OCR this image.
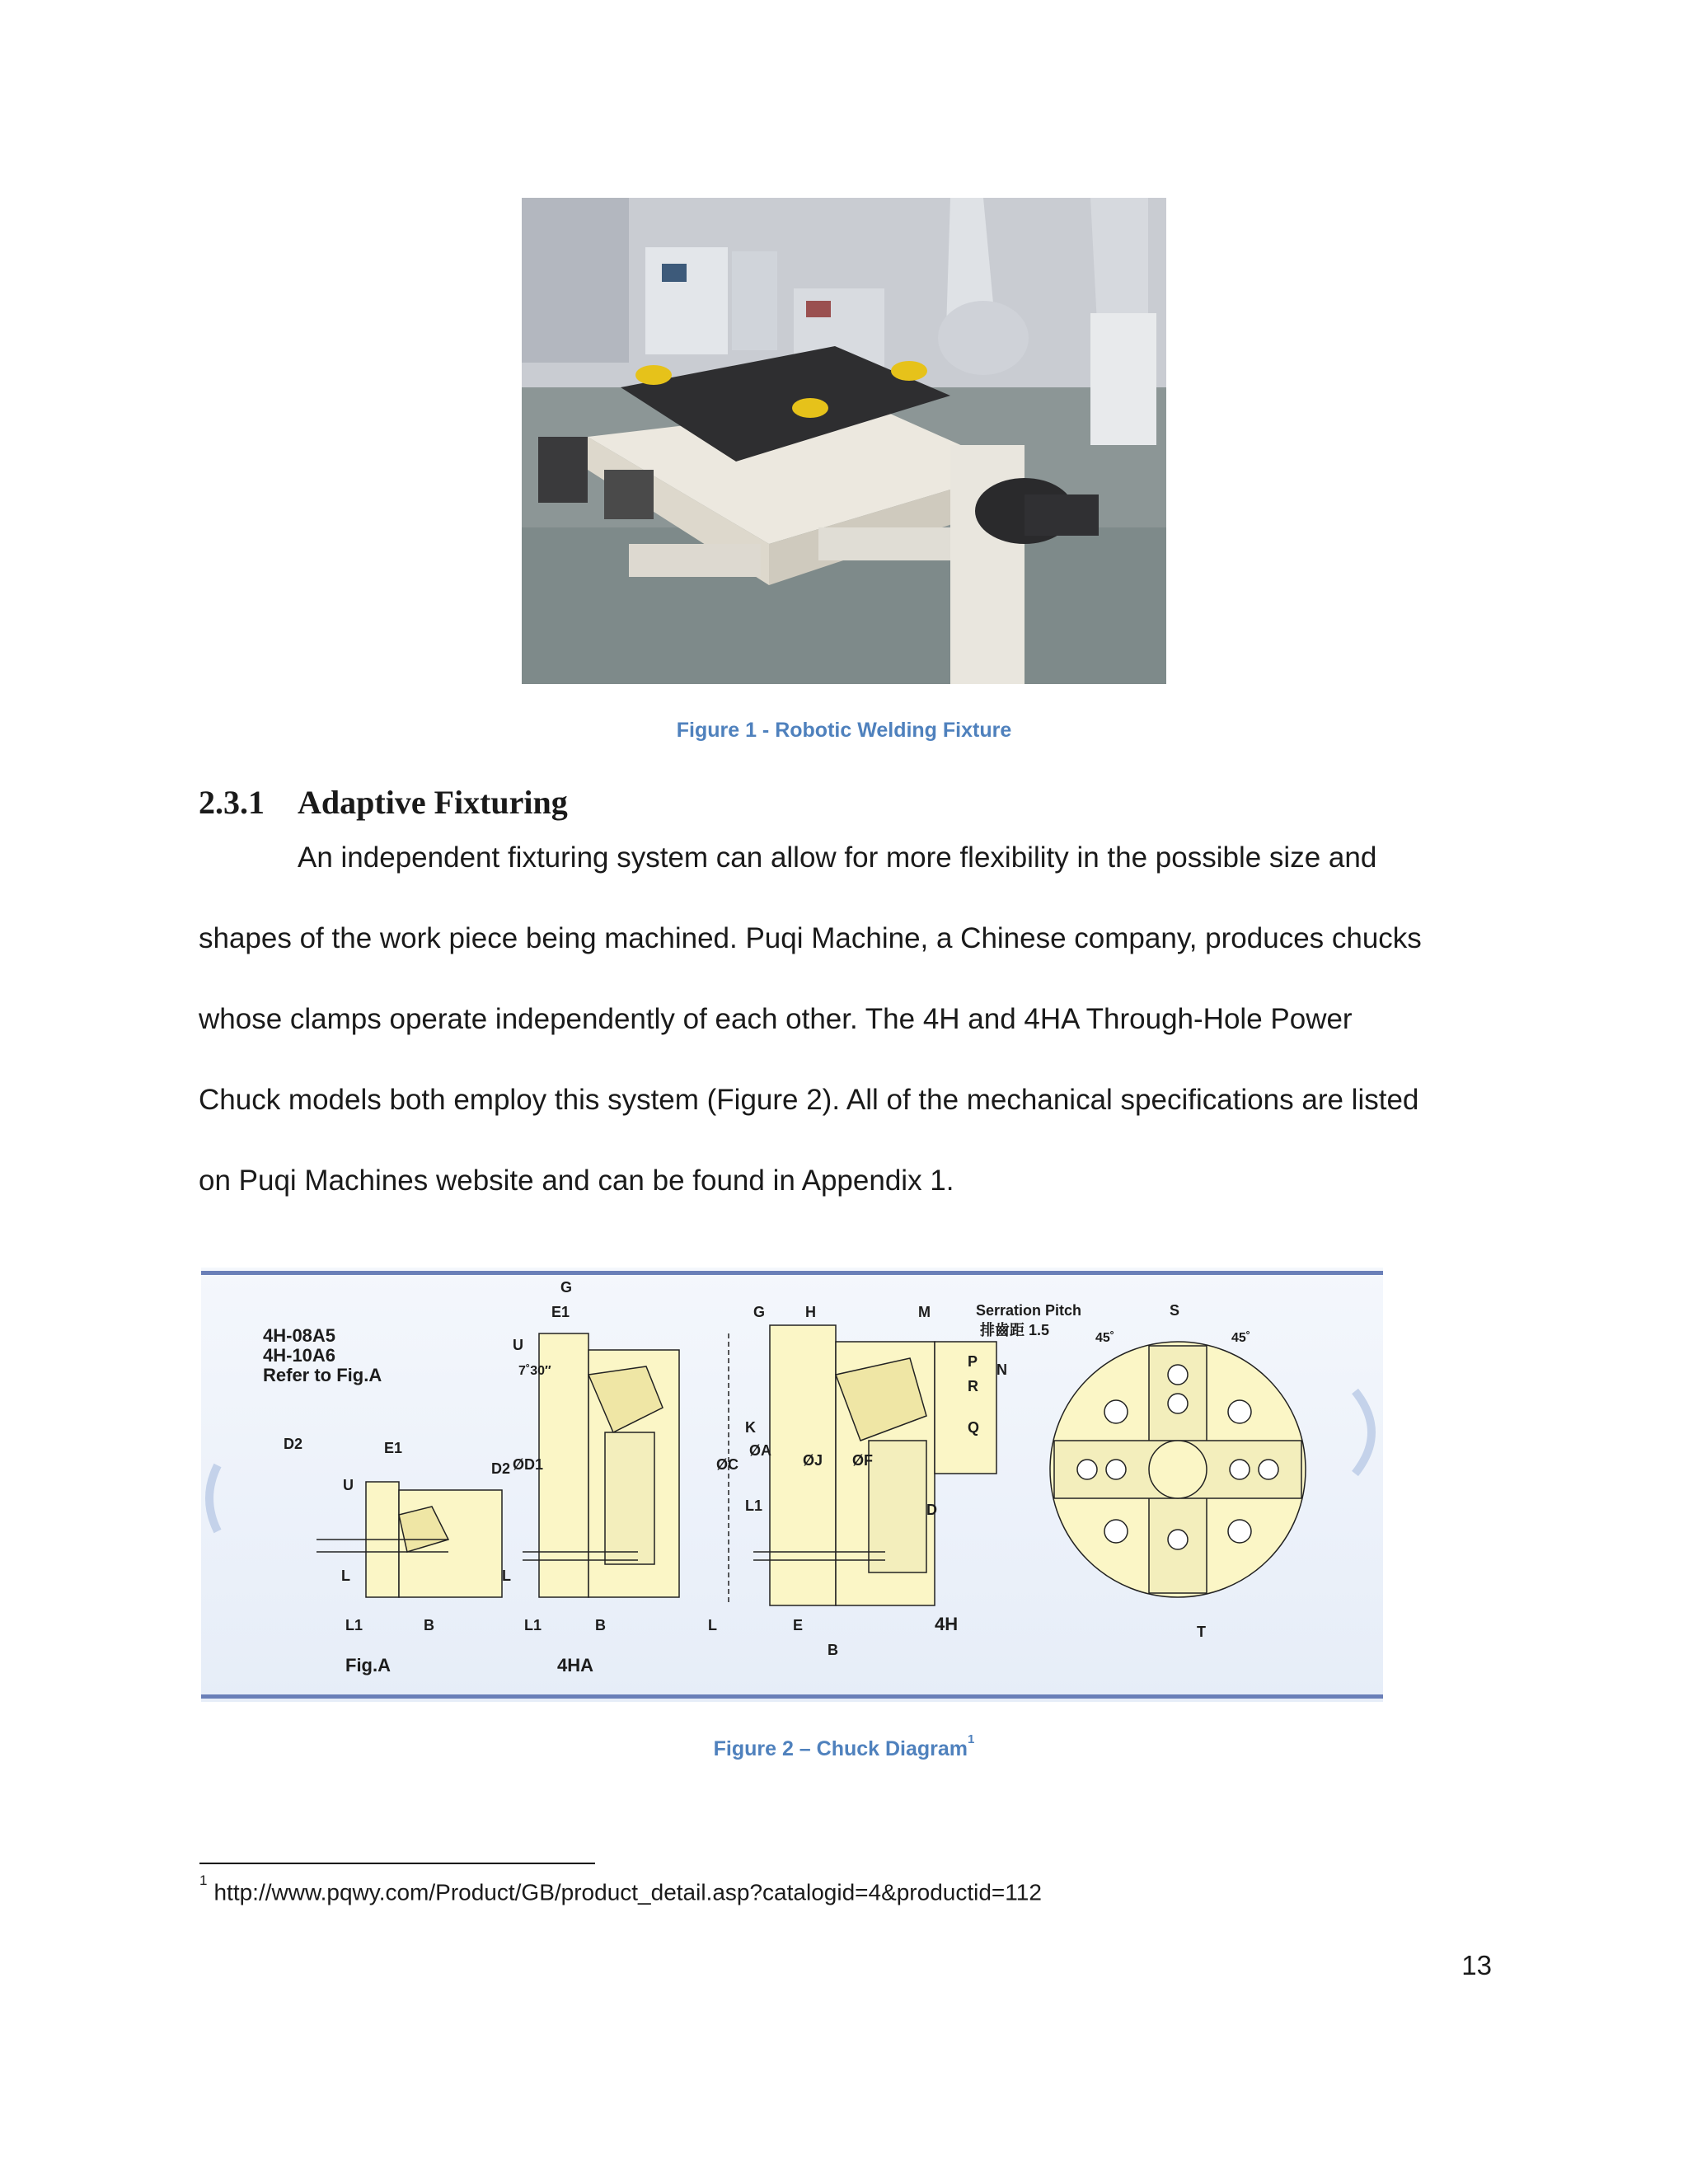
Figure 1 - Robotic Welding Fixture
2.3.1 Adaptive Fixturing
An independent fixturing system can allow for more flexibility in the possible size and
shapes of the work piece being machined. Puqi Machine, a Chinese company, produces chucks
whose clamps operate independently of each other. The 4H and 4HA Through-Hole Power
Chuck models both employ this system (Figure 2). All of the mechanical specifications are listed
on Puqi Machines website and can be found in Appendix 1.
4H-08A5
4H-10A6
Refer to Fig.A
Fig.A	4HA
4H
Serration Pitch
排齒距 1.5	45˚	45˚
7˚30″
G
E1
U
D2 ØD1
L
L1	B
D2
U
L
L1
E1
B
G	H	M
ØA
ØC
K
ØJ ØF
L1
L	E
B
P
R
Q
N
D
S
T
Figure 2 – Chuck Diagram$^1$
$^1$ http://www.pqwy.com/Product/GB/product_detail.asp?catalogid=4&productid=112
13
